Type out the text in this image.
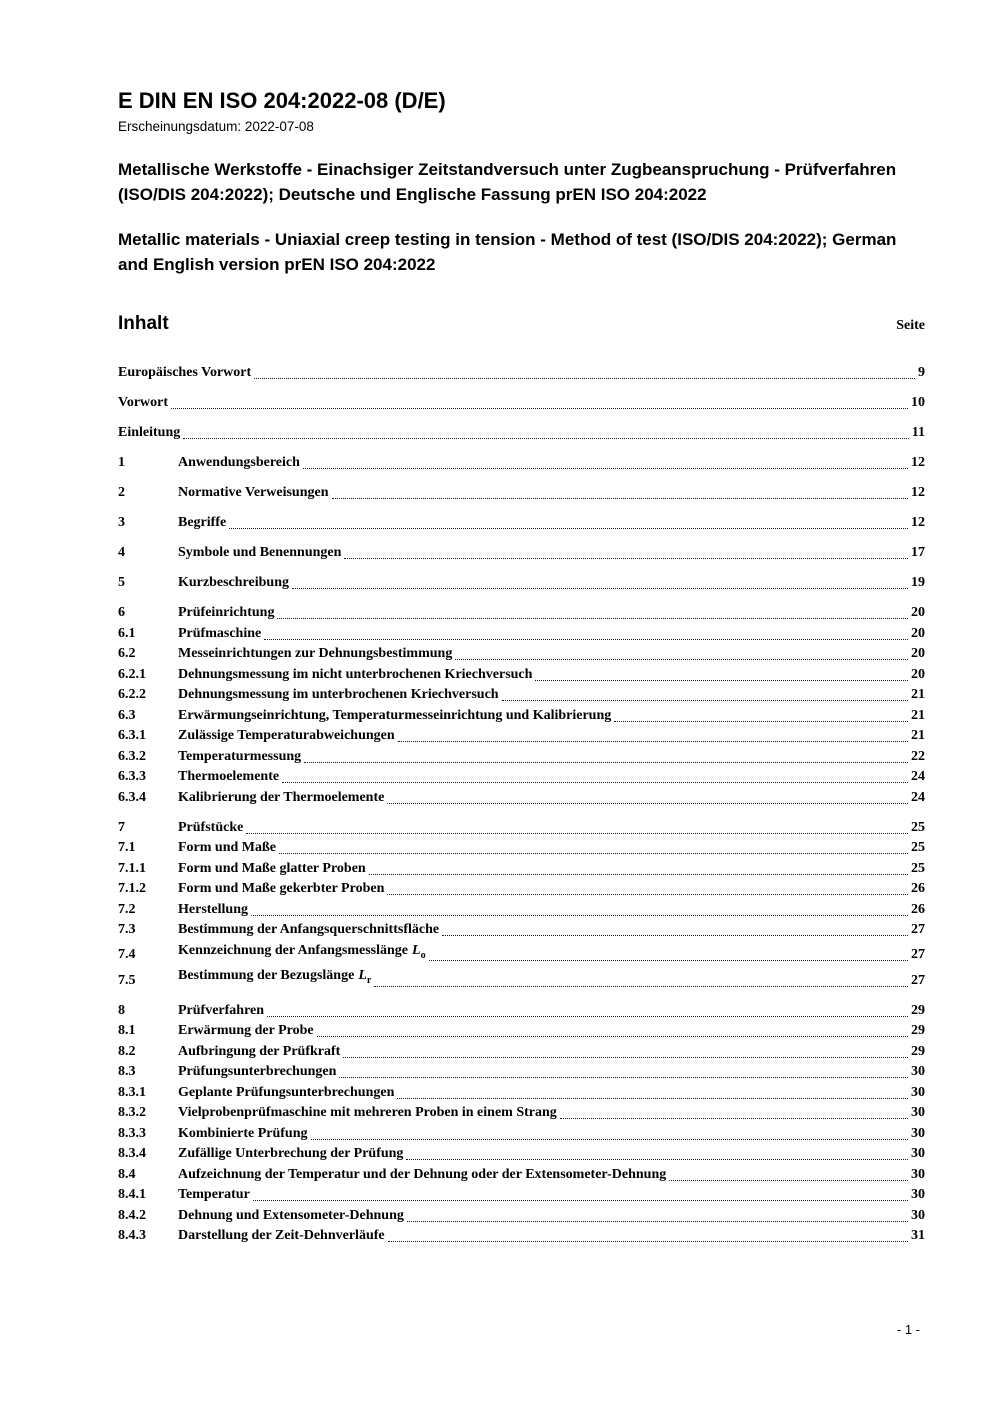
E DIN EN ISO 204:2022-08 (D/E)
Erscheinungsdatum: 2022-07-08

Metallische Werkstoffe - Einachsiger Zeitstandversuch unter Zugbeanspruchung - Prüfverfahren (ISO/DIS 204:2022); Deutsche und Englische Fassung prEN ISO 204:2022

Metallic materials - Uniaxial creep testing in tension - Method of test (ISO/DIS 204:2022); German and English version prEN ISO 204:2022

Inhalt	Seite
Europäisches Vorwort	9
Vorwort	10
Einleitung	11
1	Anwendungsbereich	12
2	Normative Verweisungen	12
3	Begriffe	12
4	Symbole und Benennungen	17
5	Kurzbeschreibung	19
6	Prüfeinrichtung	20
6.1	Prüfmaschine	20
6.2	Messeinrichtungen zur Dehnungsbestimmung	20
6.2.1	Dehnungsmessung im nicht unterbrochenen Kriechversuch	20
6.2.2	Dehnungsmessung im unterbrochenen Kriechversuch	21
6.3	Erwärmungseinrichtung, Temperaturmesseinrichtung und Kalibrierung	21
6.3.1	Zulässige Temperaturabweichungen	21
6.3.2	Temperaturmessung	22
6.3.3	Thermoelemente	24
6.3.4	Kalibrierung der Thermoelemente	24
7	Prüfstücke	25
7.1	Form und Maße	25
7.1.1	Form und Maße glatter Proben	25
7.1.2	Form und Maße gekerbter Proben	26
7.2	Herstellung	26
7.3	Bestimmung der Anfangsquerschnittsfläche	27
7.4	Kennzeichnung der Anfangsmesslänge $L_o$	27
7.5	Bestimmung der Bezugslänge $L_r$	27
8	Prüfverfahren	29
8.1	Erwärmung der Probe	29
8.2	Aufbringung der Prüfkraft	29
8.3	Prüfungsunterbrechungen	30
8.3.1	Geplante Prüfungsunterbrechungen	30
8.3.2	Vielprobenprüfmaschine mit mehreren Proben in einem Strang	30
8.3.3	Kombinierte Prüfung	30
8.3.4	Zufällige Unterbrechung der Prüfung	30
8.4	Aufzeichnung der Temperatur und der Dehnung oder der Extensometer-Dehnung	30
8.4.1	Temperatur	30
8.4.2	Dehnung und Extensometer-Dehnung	30
8.4.3	Darstellung der Zeit-Dehnverläufe	31
- 1 -
